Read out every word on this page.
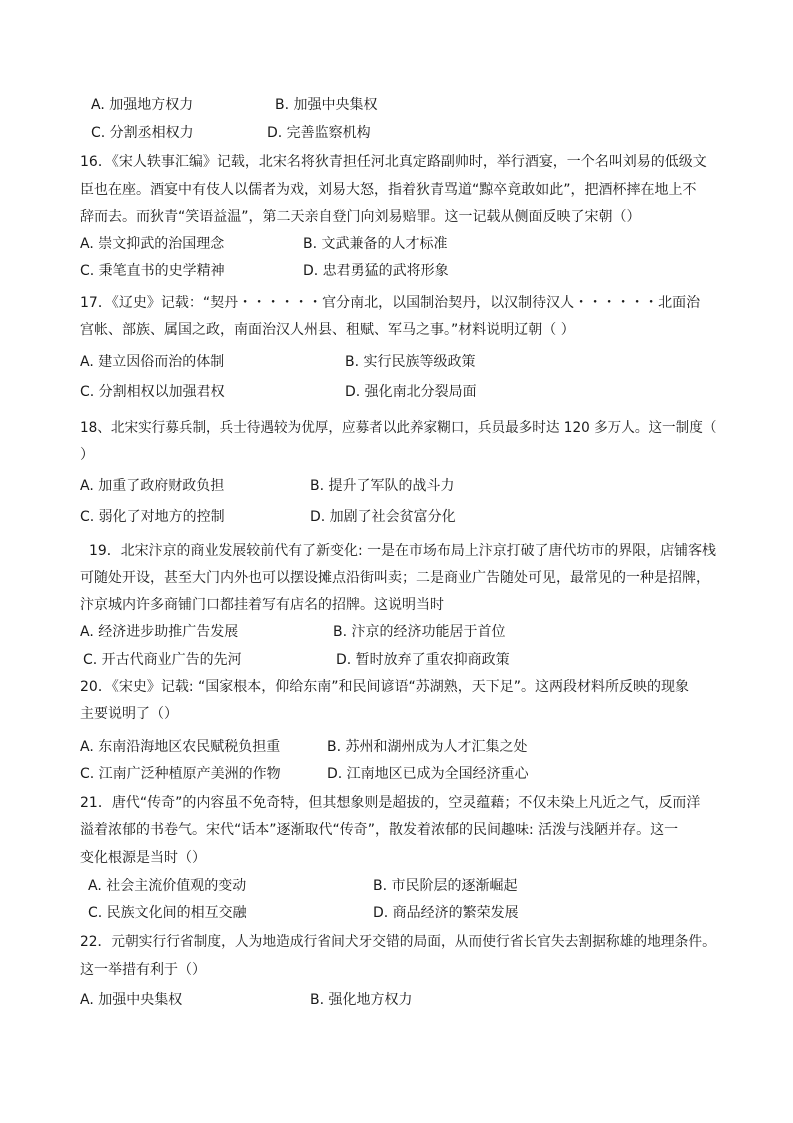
A. 加强地方权力	B. 加强中央集权
C. 分割丞相权力	D. 完善监察机构
16．《宋人轶事汇编》记载，北宋名将狄青担任河北真定路副帅时，举行酒宴，一个名叫刘易的低级文
臣也在座。酒宴中有伎人以儒者为戏，刘易大怒，指着狄青骂道“黥卒竟敢如此”，把酒杯摔在地上不
辞而去。而狄青“笑语益温”，第二天亲自登门向刘易赔罪。这一记载从侧面反映了宋朝（）
A. 崇文抑武的治国理念	B. 文武兼备的人才标准
C. 秉笔直书的史学精神	D. 忠君勇猛的武将形象
17．《辽史》记载：“契丹・・・・・・官分南北，以国制治契丹，以汉制待汉人・・・・・・北面治
宫帐、部族、属国之政，南面治汉人州县、租赋、军马之事。”材料说明辽朝（ ）
A. 建立因俗而治的体制	B. 实行民族等级政策
C. 分割相权以加强君权	D. 强化南北分裂局面
18、北宋实行募兵制，兵士待遇较为优厚，应募者以此养家糊口，兵员最多时达 120 多万人。这一制度（
）
A. 加重了政府财政负担	B. 提升了军队的战斗力
C. 弱化了对地方的控制	D. 加剧了社会贫富分化
19．北宋汴京的商业发展较前代有了新变化: 一是在市场布局上汴京打破了唐代坊市的界限，店铺客栈
可随处开设，甚至大门内外也可以摆设摊点沿街叫卖；二是商业广告随处可见，最常见的一种是招牌，
汴京城内许多商铺门口都挂着写有店名的招牌。这说明当时
A. 经济进步助推广告发展	B. 汴京的经济功能居于首位
C. 开古代商业广告的先河	D. 暂时放弃了重农抑商政策
20．《宋史》记载: “国家根本，仰给东南”和民间谚语“苏湖熟，天下足”。这两段材料所反映的现象
主要说明了（）
A. 东南沿海地区农民赋税负担重	B. 苏州和湖州成为人才汇集之处
C. 江南广泛种植原产美洲的作物	D. 江南地区已成为全国经济重心
21．唐代“传奇”的内容虽不免奇特，但其想象则是超拔的，空灵蕴藉；不仅未染上凡近之气，反而洋
溢着浓郁的书卷气。宋代“话本”逐渐取代“传奇”，散发着浓郁的民间趣味: 活泼与浅陋并存。这一
变化根源是当时（）
A. 社会主流价值观的变动	B. 市民阶层的逐渐崛起
C. 民族文化间的相互交融	D. 商品经济的繁荣发展
22．元朝实行行省制度，人为地造成行省间犬牙交错的局面，从而使行省长官失去割据称雄的地理条件。
这一举措有利于（）
A. 加强中央集权	B. 强化地方权力
